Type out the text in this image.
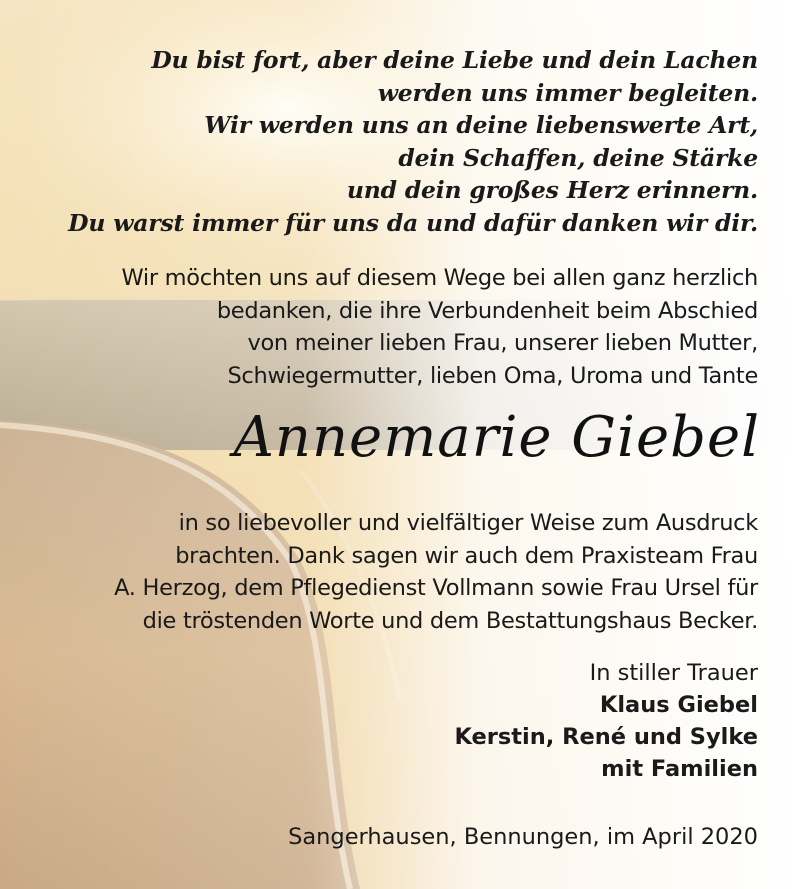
Du bist fort, aber deine Liebe und dein Lachen
werden uns immer begleiten.
Wir werden uns an deine liebenswerte Art,
dein Schaffen, deine Stärke
und dein großes Herz erinnern.
Du warst immer für uns da und dafür danken wir dir.
Wir möchten uns auf diesem Wege bei allen ganz herzlich
bedanken, die ihre Verbundenheit beim Abschied
von meiner lieben Frau, unserer lieben Mutter,
Schwiegermutter, lieben Oma, Uroma und Tante
Annemarie Giebel
in so liebevoller und vielfältiger Weise zum Ausdruck
brachten. Dank sagen wir auch dem Praxisteam Frau
A. Herzog, dem Pflegedienst Vollmann sowie Frau Ursel für
die tröstenden Worte und dem Bestattungshaus Becker.
In stiller Trauer
Klaus Giebel
Kerstin, René und Sylke
mit Familien
Sangerhausen, Bennungen, im April 2020
